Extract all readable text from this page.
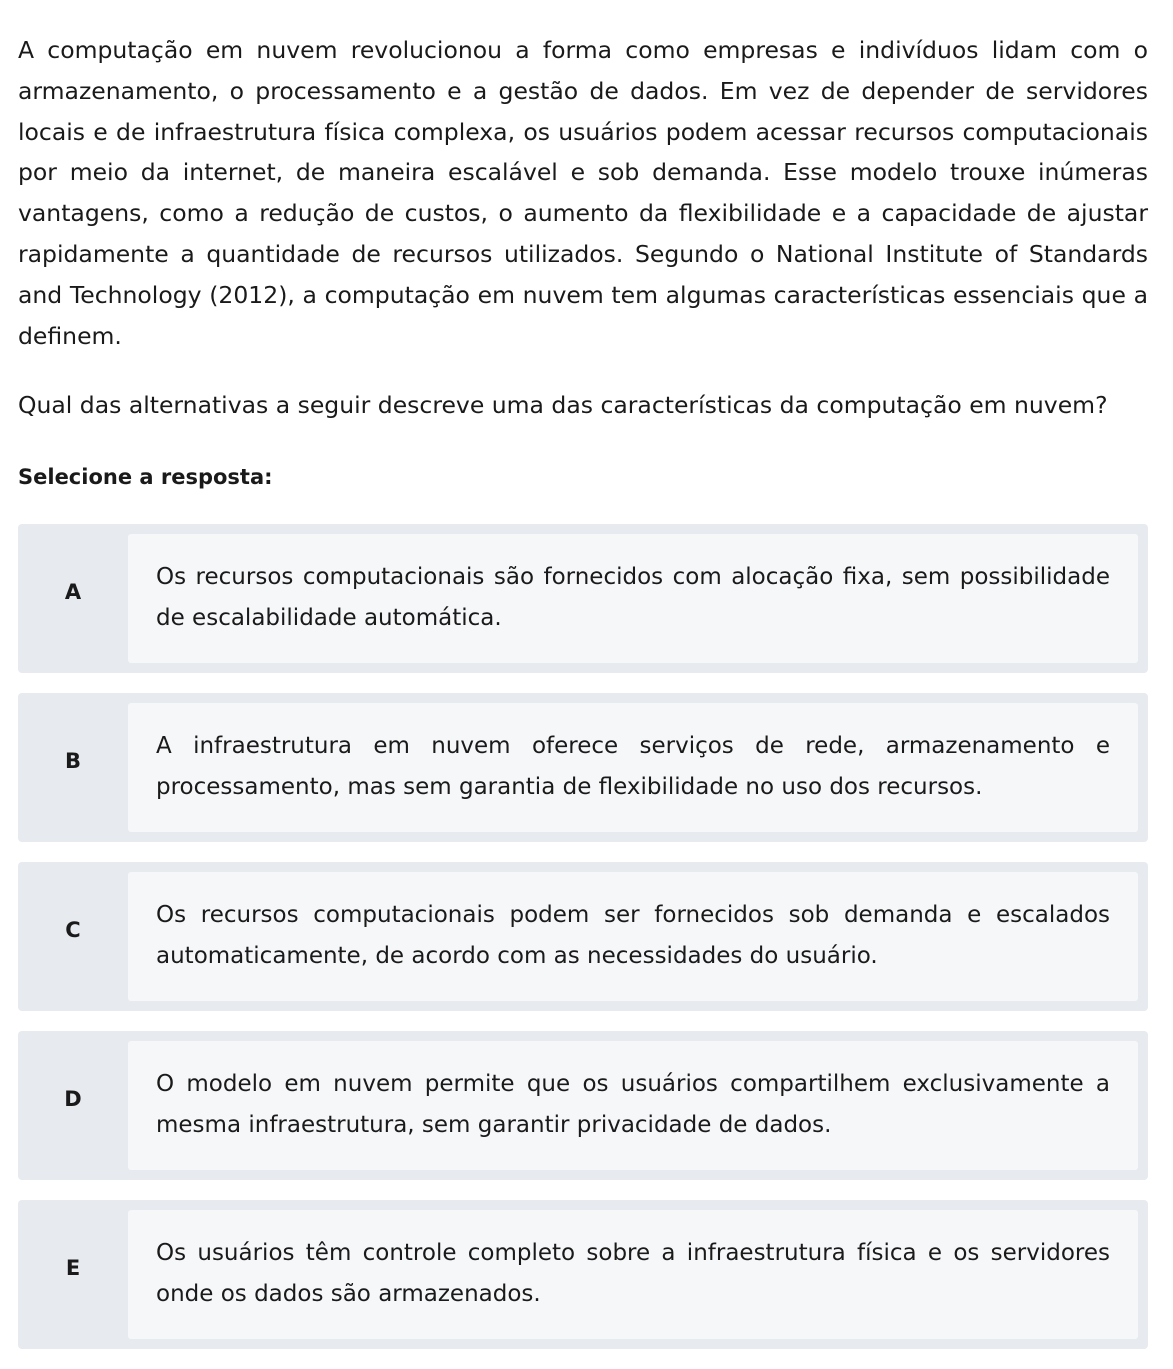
A computação em nuvem revolucionou a forma como empresas e indivíduos lidam com o armazenamento, o processamento e a gestão de dados. Em vez de depender de servidores locais e de infraestrutura física complexa, os usuários podem acessar recursos computacionais por meio da internet, de maneira escalável e sob demanda. Esse modelo trouxe inúmeras vantagens, como a redução de custos, o aumento da flexibilidade e a capacidade de ajustar rapidamente a quantidade de recursos utilizados. Segundo o National Institute of Standards and Technology (2012), a computação em nuvem tem algumas características essenciais que a definem.

Qual das alternativas a seguir descreve uma das características da computação em nuvem?

Selecione a resposta:

A

Os recursos computacionais são fornecidos com alocação fixa, sem possibilidade de escalabilidade automática.

B

A infraestrutura em nuvem oferece serviços de rede, armazenamento e processamento, mas sem garantia de flexibilidade no uso dos recursos.

C

Os recursos computacionais podem ser fornecidos sob demanda e escalados automaticamente, de acordo com as necessidades do usuário.

D

O modelo em nuvem permite que os usuários compartilhem exclusivamente a mesma infraestrutura, sem garantir privacidade de dados.

E

Os usuários têm controle completo sobre a infraestrutura física e os servidores onde os dados são armazenados.
